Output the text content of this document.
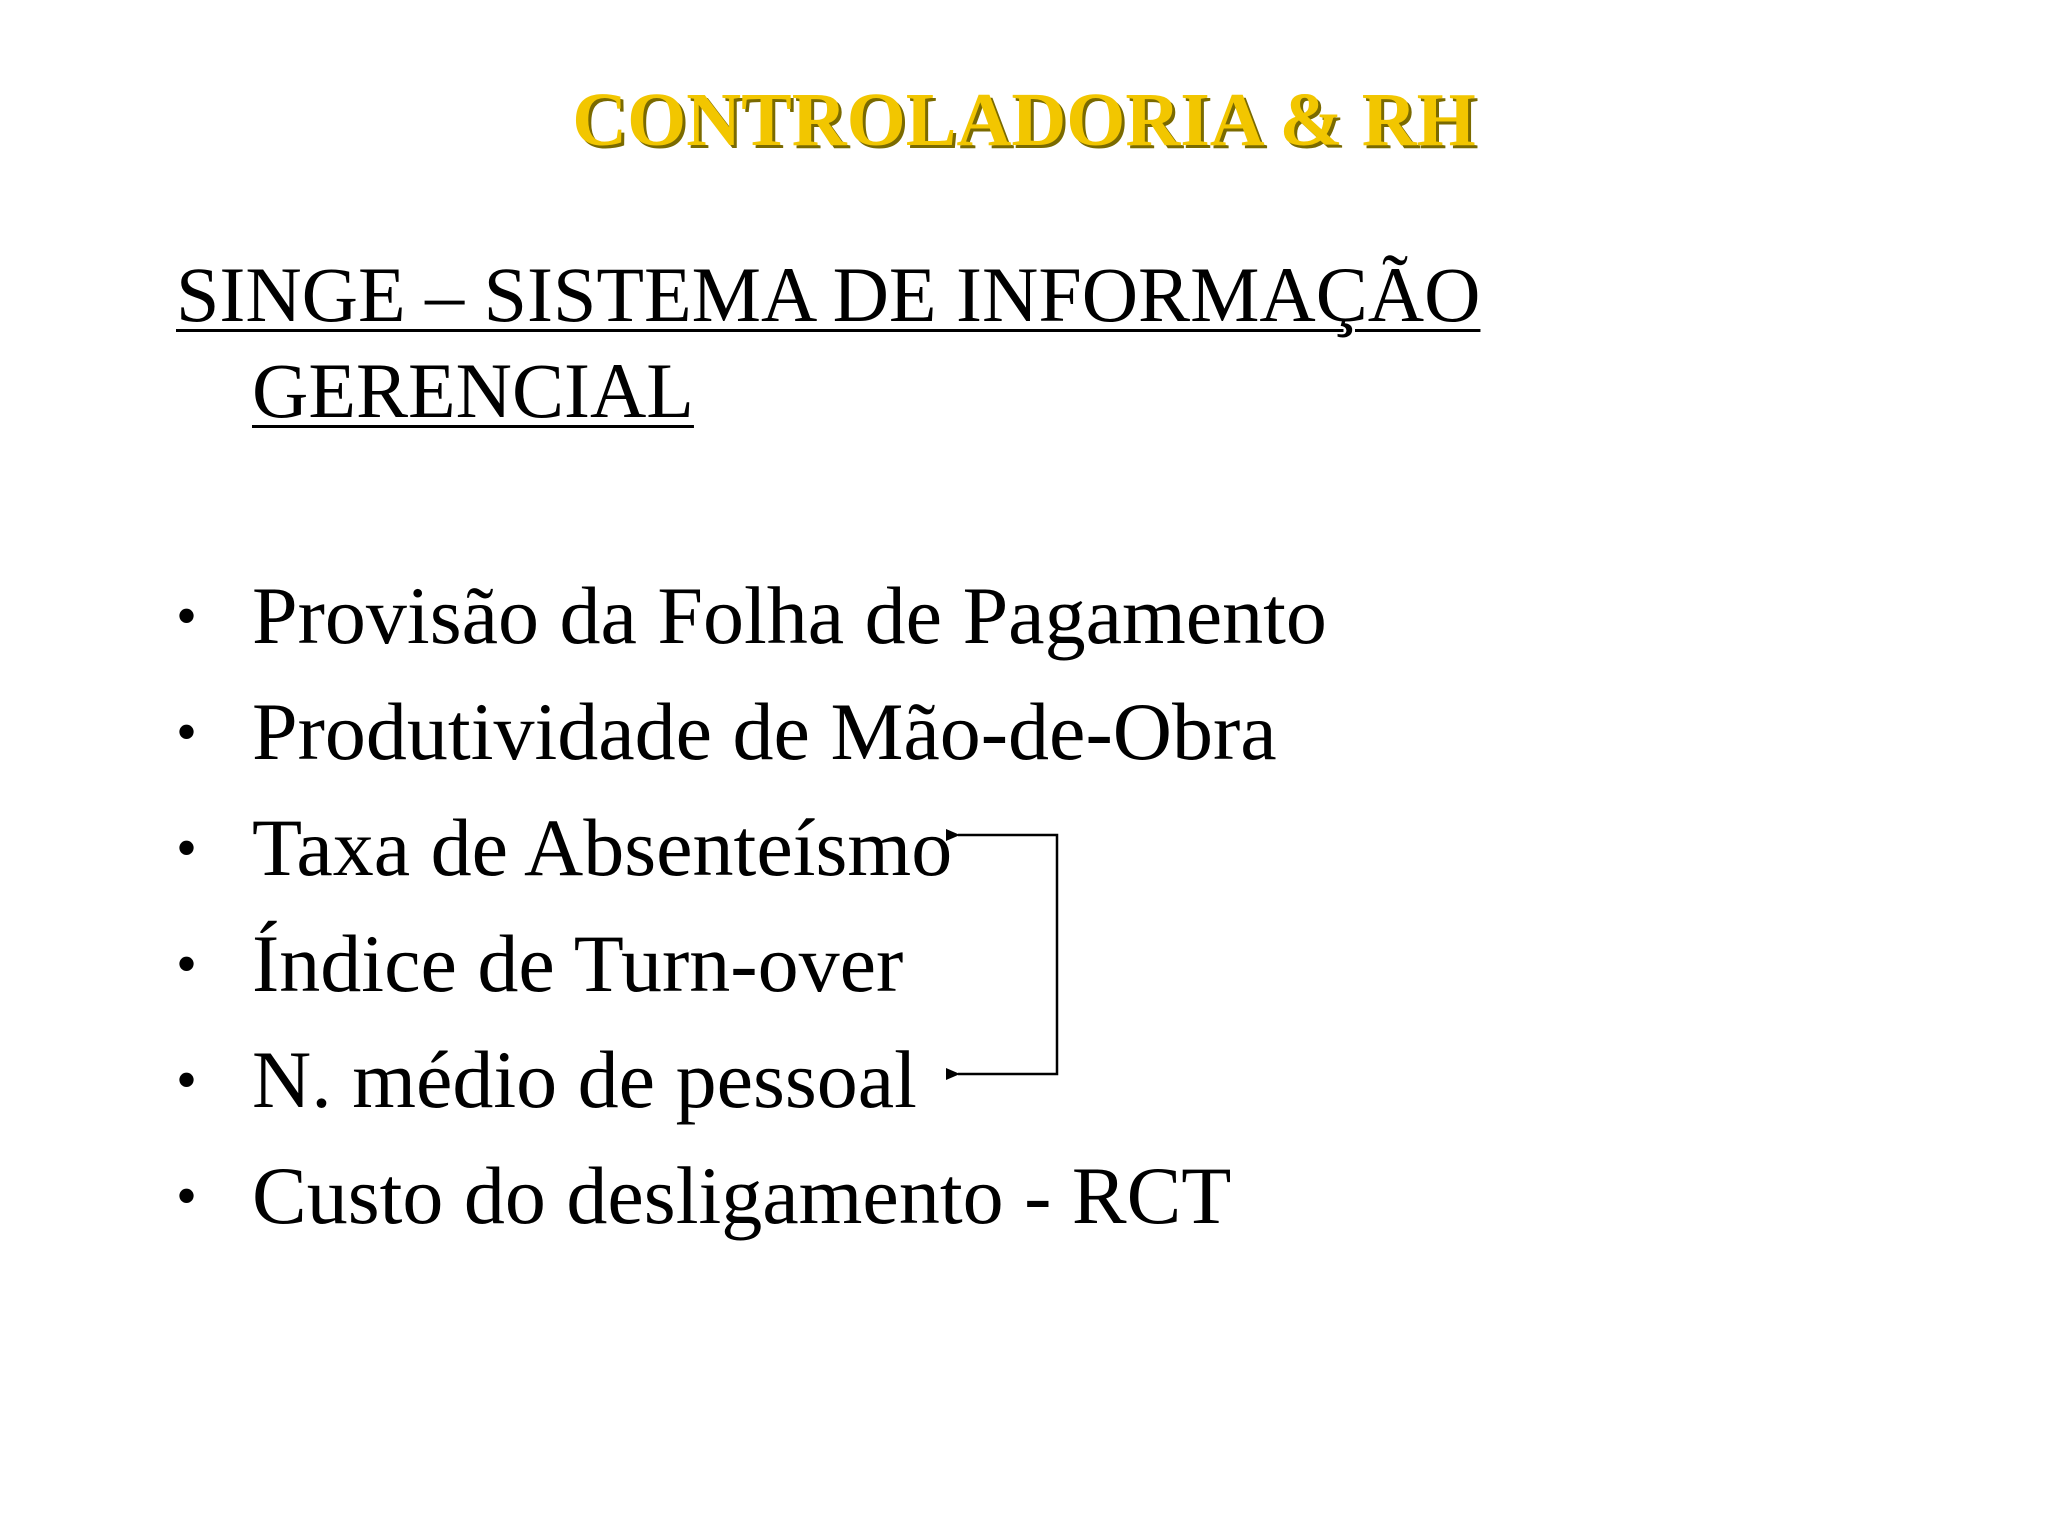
CONTROLADORIA & RH
SINGE – SISTEMA DE INFORMAÇÃO
GERENCIAL
• Provisão da Folha de Pagamento
• Produtividade de Mão-de-Obra
• Taxa de Absenteísmo
• Índice de Turn-over
• N. médio de pessoal
• Custo do desligamento - RCT
